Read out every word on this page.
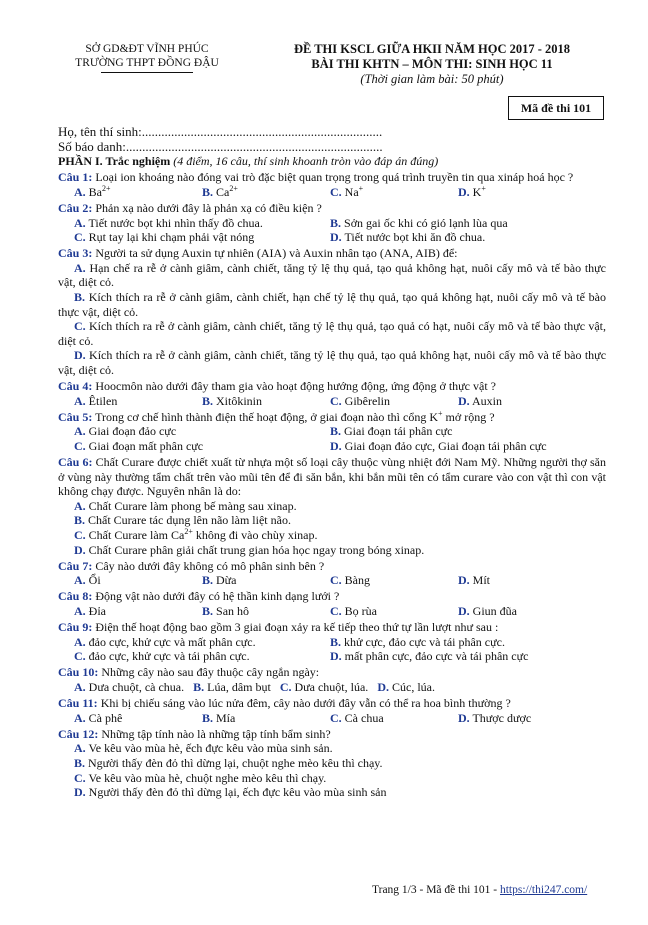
SỞ GD&ĐT VĨNH PHÚC
TRƯỜNG THPT ĐỒNG ĐẬU
ĐỀ THI KSCL GIỮA HKII NĂM HỌC 2017 - 2018
BÀI THI KHTN – MÔN THI: SINH HỌC 11
(Thời gian làm bài: 50 phút)
Mã đề thi 101
Họ, tên thí sinh:..........................................................................
Số báo danh:...............................................................................
PHẦN I. Trắc nghiệm (4 điểm, 16 câu, thí sinh khoanh tròn vào đáp án đúng)
Câu 1: Loại ion khoáng nào đóng vai trò đặc biệt quan trọng trong quá trình truyền tin qua xináp hoá học ?
A. $Ba^{2+}$	B. $Ca^{2+}$	C. Na+	D. K+
Câu 2: Phản xạ nào dưới đây là phản xạ có điều kiện ?
A. Tiết nước bọt khi nhìn thấy đồ chua.	B. Sởn gai ốc khi có gió lạnh lùa qua
C. Rụt tay lại khi chạm phải vật nóng	D. Tiết nước bọt khi ăn đồ chua.
Câu 3: Người ta sử dụng Auxin tự nhiên (AIA) và Auxin nhân tạo (ANA, AIB) để:
A. Hạn chế ra rễ ở cành giâm, cành chiết, tăng tỷ lệ thụ quả, tạo quả không hạt, nuôi cấy mô và tế bào thực vật, diệt cỏ.
B. Kích thích ra rễ ở cành giâm, cành chiết, hạn chế tỷ lệ thụ quả, tạo quả không hạt, nuôi cấy mô và tế bào thực vật, diệt cỏ.
C. Kích thích ra rễ ở cành giâm, cành chiết, tăng tỷ lệ thụ quả, tạo quả có hạt, nuôi cấy mô và tế bào thực vật, diệt cỏ.
D. Kích thích ra rễ ở cành giâm, cành chiết, tăng tỷ lệ thụ quả, tạo quả không hạt, nuôi cấy mô và tế bào thực vật, diệt cỏ.
Câu 4: Hoocmôn nào dưới đây tham gia vào hoạt động hướng động, ứng động ở thực vật ?
A. Êtilen	B. Xitôkinin	C. Gibêrelin	D. Auxin
Câu 5: Trong cơ chế hình thành điện thế hoạt động, ở giai đoạn nào thì cổng K+ mở rộng ?
A. Giai đoạn đảo cực	B. Giai đoạn tái phân cực
C. Giai đoạn mất phân cực	D. Giai đoạn đảo cực, Giai đoạn tái phân cực
Câu 6: Chất Curare được chiết xuất từ nhựa một số loại cây thuộc vùng nhiệt đới Nam Mỹ. Những người thợ săn ở vùng này thường tẩm chất trên vào mũi tên để đi săn bắn, khi bắn mũi tên có tẩm curare vào con vật thì con vật không chạy được. Nguyên nhân là do:
A. Chất Curare làm phong bế màng sau xinap.
B. Chất Curare tác dụng lên não làm liệt não.
C. Chất Curare làm $Ca^{2+}$ không đi vào chùy xinap.
D. Chất Curare phân giải chất trung gian hóa học ngay trong bóng xinap.
Câu 7: Cây nào dưới đây không có mô phân sinh bên ?
A. Ổi	B. Dừa	C. Bàng	D. Mít
Câu 8: Động vật nào dưới đây có hệ thần kinh dạng lưới ?
A. Đỉa	B. San hô	C. Bọ rùa	D. Giun đũa
Câu 9: Điện thế hoạt động bao gồm 3 giai đoạn xảy ra kế tiếp theo thứ tự lần lượt như sau :
A. đảo cực, khử cực và mất phân cực.	B. khử cực, đảo cực và tái phân cực.
C. đảo cực, khử cực và tái phân cực.	D. mất phân cực, đảo cực và tái phân cực
Câu 10: Những cây nào sau đây thuộc cây ngắn ngày:
A. Dưa chuột, cà chua. B. Lúa, dâm bụt C. Dưa chuột, lúa. D. Cúc, lúa.
Câu 11: Khi bị chiếu sáng vào lúc nửa đêm, cây nào dưới đây vẫn có thể ra hoa bình thường ?
A. Cà phê	B. Mía	C. Cà chua	D. Thược dược
Câu 12: Những tập tính nào là những tập tính bẩm sinh?
A. Ve kêu vào mùa hè, ếch đực kêu vào mùa sinh sản.
B. Người thấy đèn đỏ thì dừng lại, chuột nghe mèo kêu thì chạy.
C. Ve kêu vào mùa hè, chuột nghe mèo kêu thì chạy.
D. Người thấy đèn đỏ thì dừng lại, ếch đực kêu vào mùa sinh sản
Trang 1/3 - Mã đề thi 101 - https://thi247.com/
